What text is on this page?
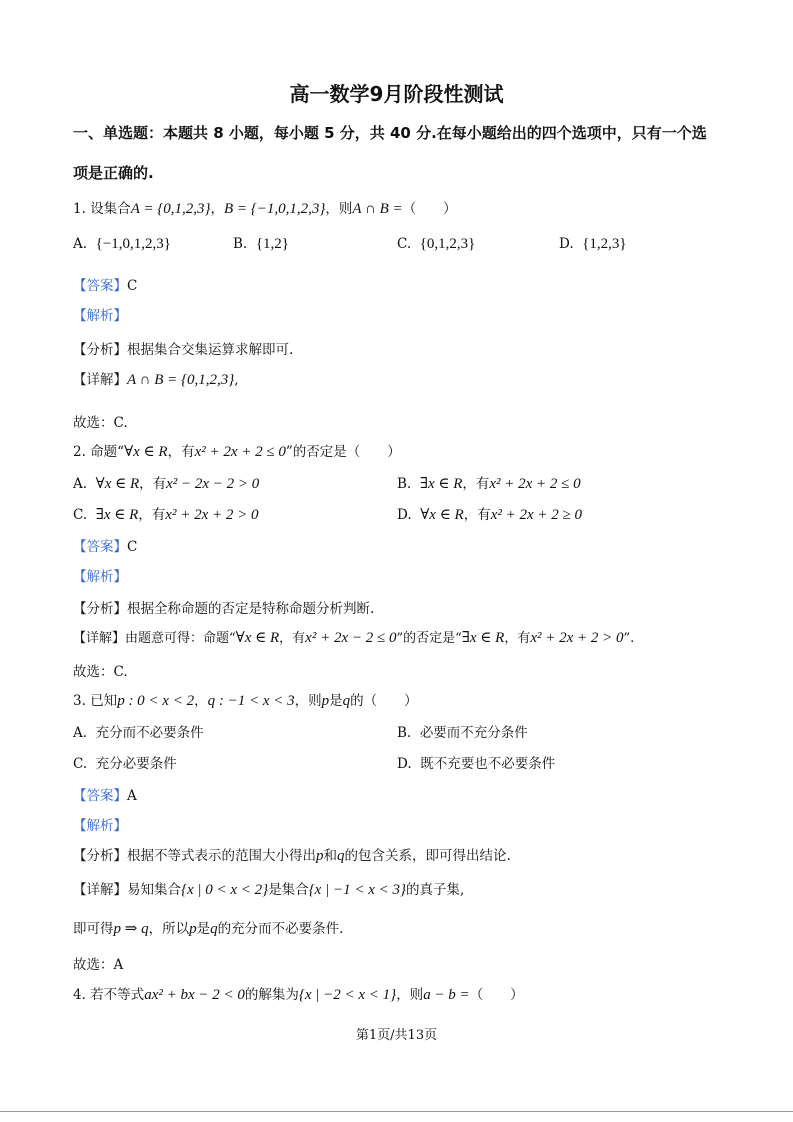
高一数学9月阶段性测试
一、单选题：本题共 8 小题，每小题 5 分，共 40 分.在每小题给出的四个选项中，只有一个选
项是正确的.
1. 设集合A = {0,1,2,3}，B = {−1,0,1,2,3}，则A ∩ B =（　　）
A. {−1,0,1,2,3}	B. {1,2}	C. {0,1,2,3}	D. {1,2,3}
【答案】C
【解析】
【分析】根据集合交集运算求解即可.
【详解】A ∩ B = {0,1,2,3},
故选：C.
2. 命题“∀x ∈ R，有x² + 2x + 2 ≤ 0”的否定是（　　）
A. ∀x ∈ R，有x² − 2x − 2 > 0	B. ∃x ∈ R，有x² + 2x + 2 ≤ 0
C. ∃x ∈ R，有x² + 2x + 2 > 0	D. ∀x ∈ R，有x² + 2x + 2 ≥ 0
【答案】C
【解析】
【分析】根据全称命题的否定是特称命题分析判断.
【详解】由题意可得：命题“∀x ∈ R，有x² + 2x − 2 ≤ 0”的否定是“∃x ∈ R，有x² + 2x + 2 > 0”.
故选：C.
3. 已知p : 0 < x < 2，q : −1 < x < 3，则p是q的（　　）
A. 充分而不必要条件	B. 必要而不充分条件
C. 充分必要条件	D. 既不充要也不必要条件
【答案】A
【解析】
【分析】根据不等式表示的范围大小得出p和q的包含关系，即可得出结论.
【详解】易知集合{x | 0 < x < 2}是集合{x | −1 < x < 3}的真子集,
即可得p ⇒ q，所以p是q的充分而不必要条件.
故选：A
4. 若不等式ax² + bx − 2 < 0的解集为{x | −2 < x < 1}，则a − b =（　　）
第1页/共13页
